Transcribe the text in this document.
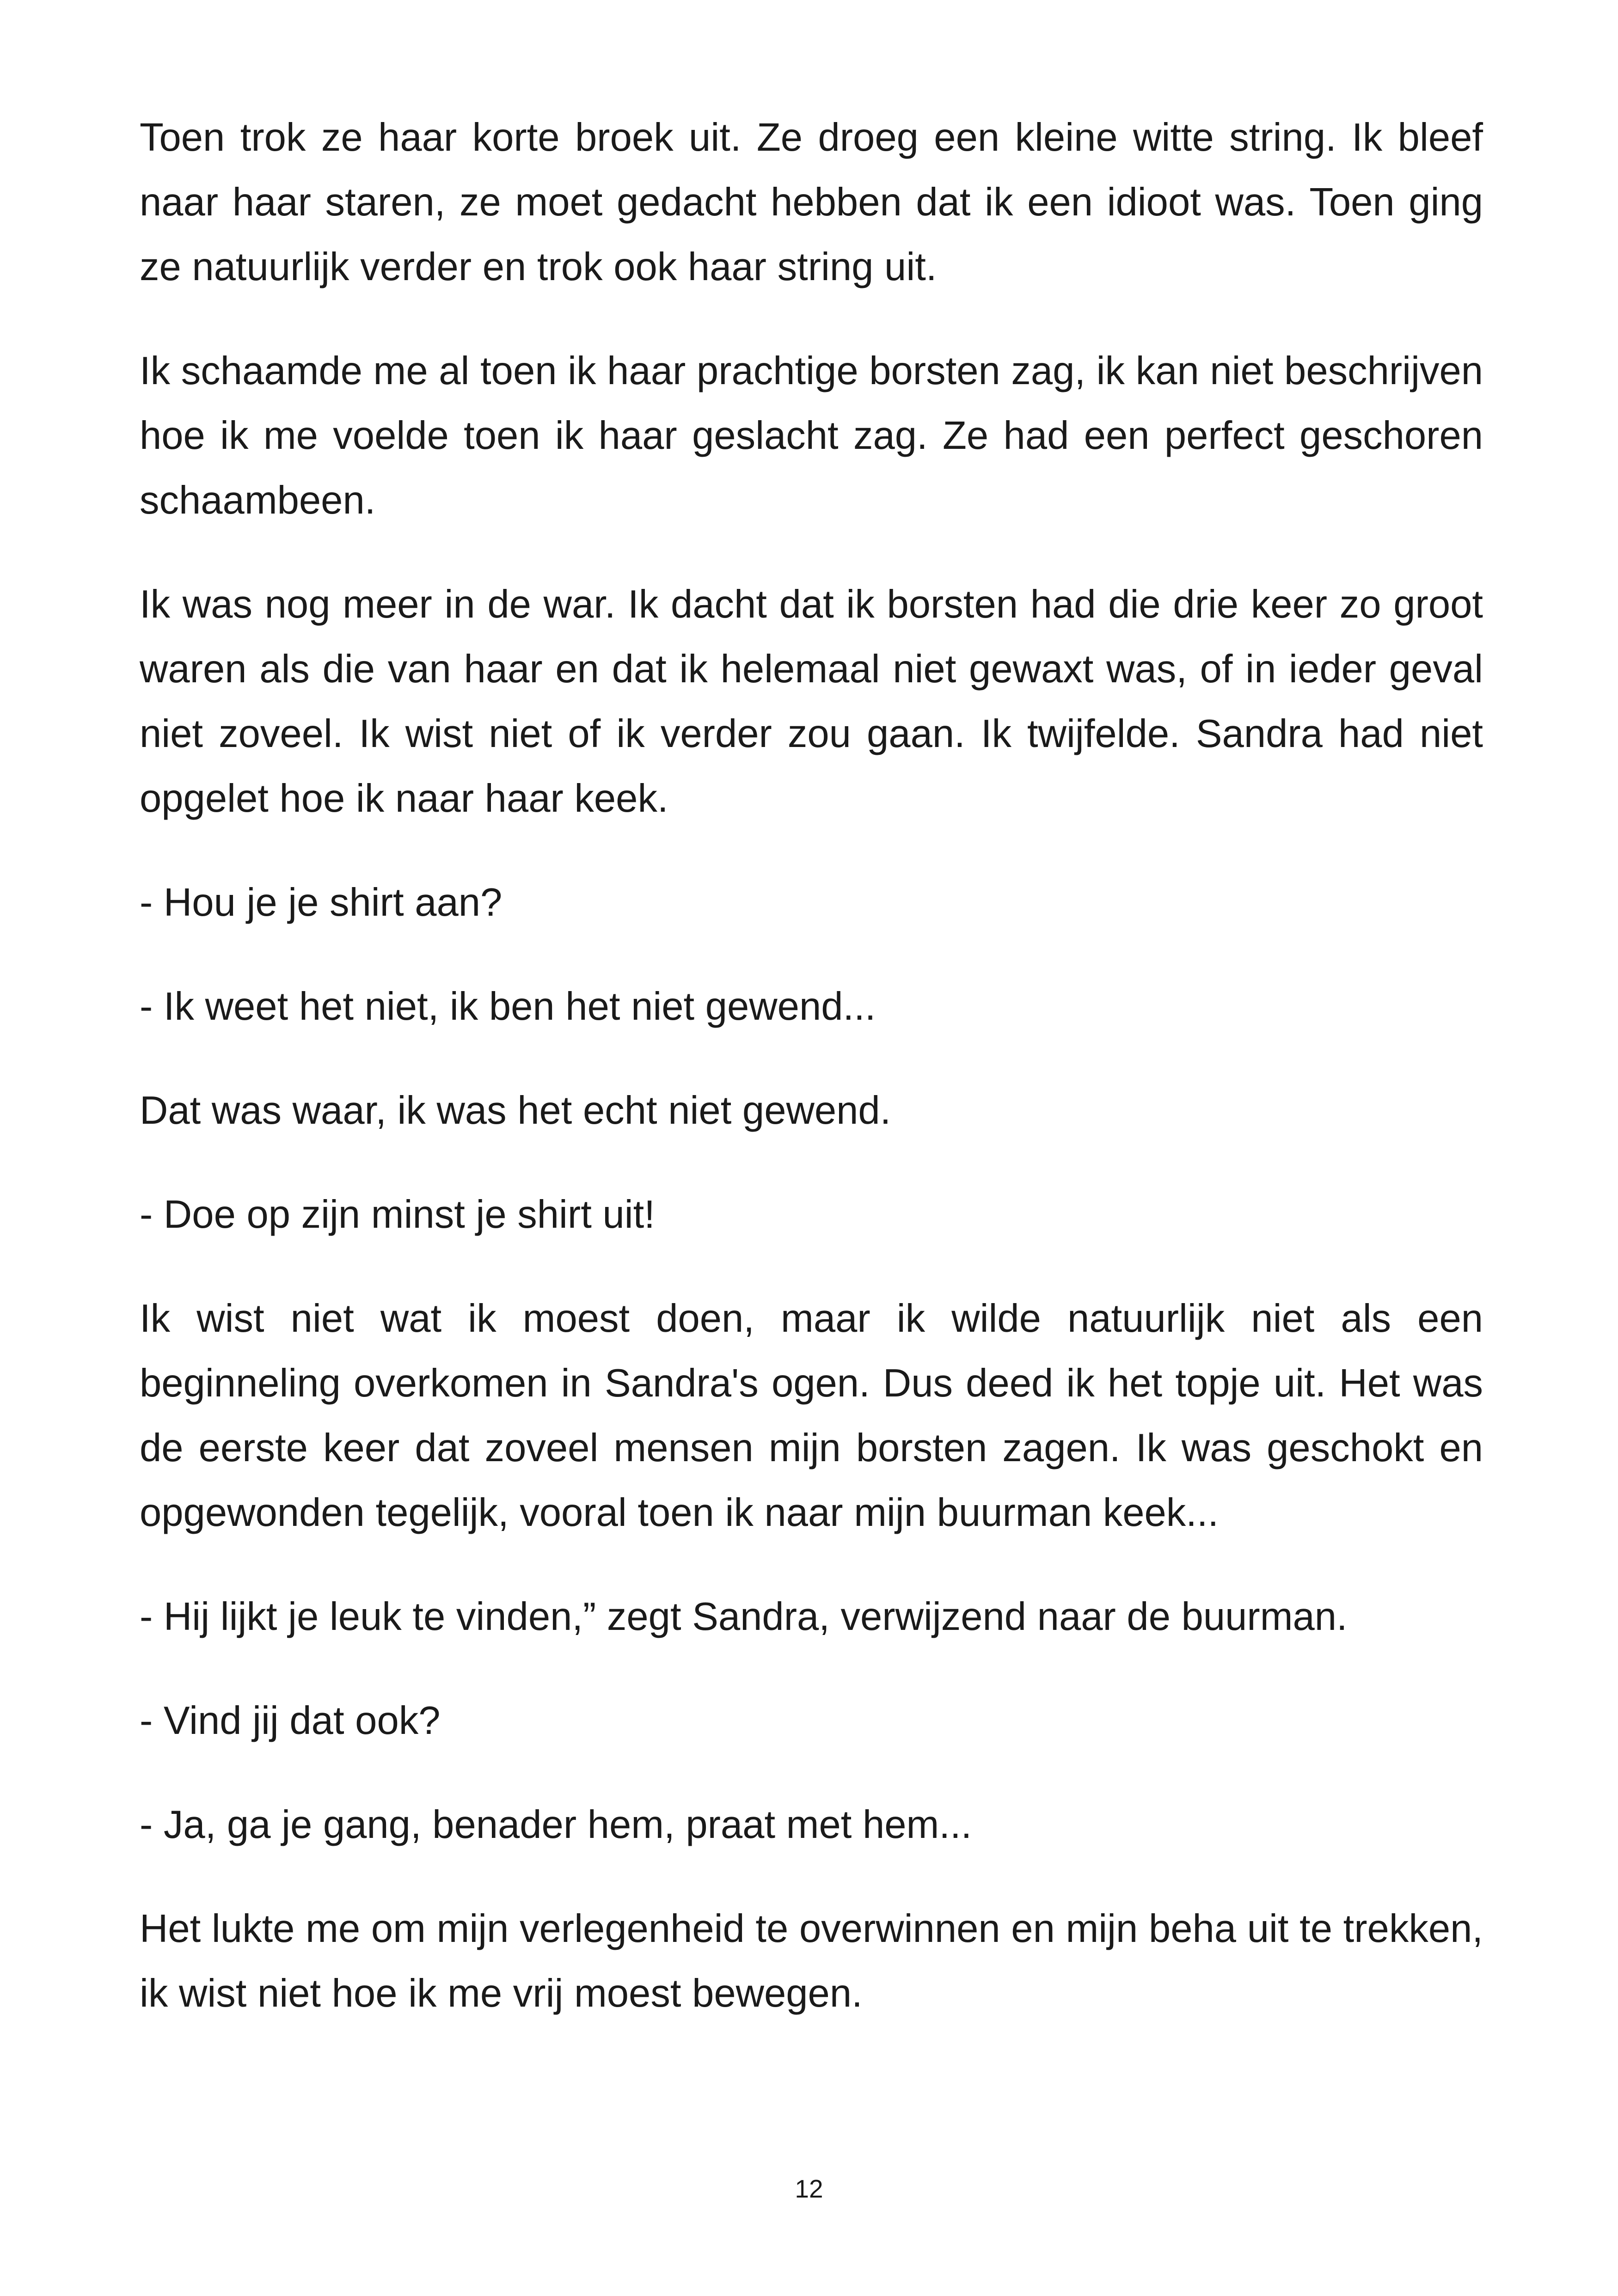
Toen trok ze haar korte broek uit. Ze droeg een kleine witte string. Ik bleef naar haar staren, ze moet gedacht hebben dat ik een idioot was. Toen ging ze natuurlijk verder en trok ook haar string uit.

Ik schaamde me al toen ik haar prachtige borsten zag, ik kan niet beschrijven hoe ik me voelde toen ik haar geslacht zag. Ze had een perfect geschoren schaambeen.

Ik was nog meer in de war. Ik dacht dat ik borsten had die drie keer zo groot waren als die van haar en dat ik helemaal niet gewaxt was, of in ieder geval niet zoveel. Ik wist niet of ik verder zou gaan. Ik twijfelde. Sandra had niet opgelet hoe ik naar haar keek.

- Hou je je shirt aan?

- Ik weet het niet, ik ben het niet gewend...

Dat was waar, ik was het echt niet gewend.

- Doe op zijn minst je shirt uit!

Ik wist niet wat ik moest doen, maar ik wilde natuurlijk niet als een beginneling overkomen in Sandra's ogen. Dus deed ik het topje uit. Het was de eerste keer dat zoveel mensen mijn borsten zagen. Ik was geschokt en opgewonden tegelijk, vooral toen ik naar mijn buurman keek...

- Hij lijkt je leuk te vinden,” zegt Sandra, verwijzend naar de buurman.

- Vind jij dat ook?

- Ja, ga je gang, benader hem, praat met hem...

Het lukte me om mijn verlegenheid te overwinnen en mijn beha uit te trekken, ik wist niet hoe ik me vrij moest bewegen.

12
